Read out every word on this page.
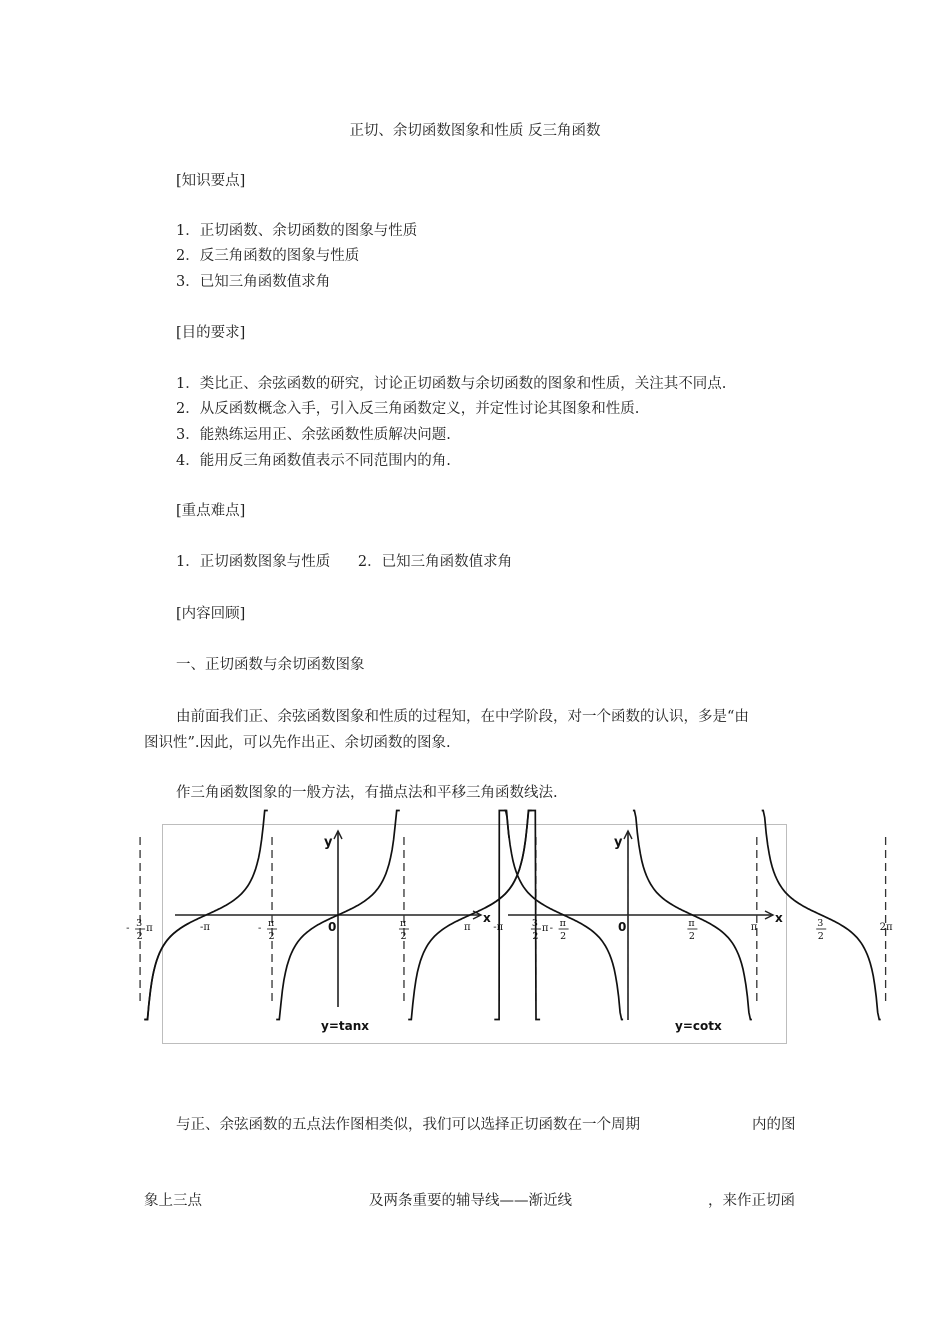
正切、余切函数图象和性质 反三角函数
[知识要点]
1．正切函数、余切函数的图象与性质
2．反三角函数的图象与性质
3．已知三角函数值求角
[目的要求]
1．类比正、余弦函数的研究，讨论正切函数与余切函数的图象和性质，关注其不同点.
2．从反函数概念入手，引入反三角函数定义，并定性讨论其图象和性质.
3．能熟练运用正、余弦函数性质解决问题.
4．能用反三角函数值表示不同范围内的角.
[重点难点]
1．正切函数图象与性质      2．已知三角函数值求角
[内容回顾]
一、正切函数与余切函数图象
由前面我们正、余弦函数图象和性质的过程知，在中学阶段，对一个函数的认识，多是“由
图识性”.因此，可以先作出正、余切函数的图象.
作三角函数图象的一般方法，有描点法和平移三角函数线法.
- 3
2
π	-π	- π
2
π
2
π	3
2
π
y
x
0
y=tanx
-π	- π
2
π
2
π	3
2
2π
y
x
0
y=cotx
与正、余弦函数的五点法作图相类似，我们可以选择正切函数在一个周期	内的图
象上三点	及两条重要的辅导线——渐近线	，来作正切函
